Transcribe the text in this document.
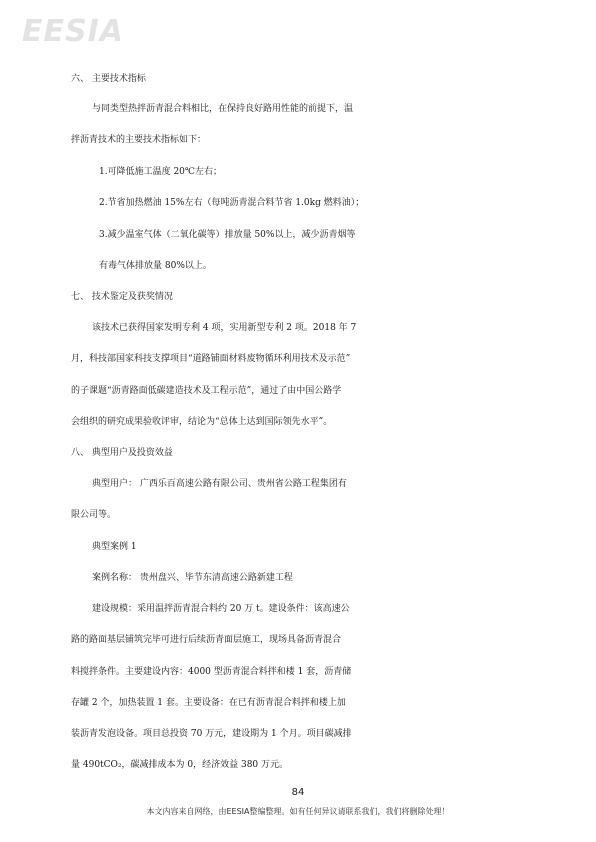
EESIA
六、 主要技术指标
与同类型热拌沥青混合料相比，在保持良好路用性能的前提下，温
拌沥青技术的主要技术指标如下：
1.可降低施工温度 20℃左右；
2.节省加热燃油 15%左右（每吨沥青混合料节省 1.0kg 燃料油）；
3.减少温室气体（二氧化碳等）排放量 50%以上，减少沥青烟等
有毒气体排放量 80%以上。
七、 技术鉴定及获奖情况
该技术已获得国家发明专利 4 项，实用新型专利 2 项。2018 年 7
月，科技部国家科技支撑项目“道路铺面材料废物循环利用技术及示范”
的子课题“沥青路面低碳建造技术及工程示范”，通过了由中国公路学
会组织的研究成果验收评审，结论为“总体上达到国际领先水平”。
八、 典型用户及投资效益
典型用户： 广西乐百高速公路有限公司、贵州省公路工程集团有
限公司等。
典型案例 1
案例名称： 贵州盘兴、毕节东清高速公路新建工程
建设规模：采用温拌沥青混合料约 20 万 t。建设条件：该高速公
路的路面基层铺筑完毕可进行后续沥青面层施工，现场具备沥青混合
料搅拌条件。主要建设内容：4000 型沥青混合料拌和楼 1 套，沥青储
存罐 2 个，加热装置 1 套。主要设备：在已有沥青混合料拌和楼上加
装沥青发泡设备。项目总投资 70 万元，建设期为 1 个月。项目碳减排
量 490tCO₂，碳减排成本为 0，经济效益 380 万元。
84
本文内容来自网络，由EESIA整编整理。如有任何异议请联系我们，我们将删除处理！
